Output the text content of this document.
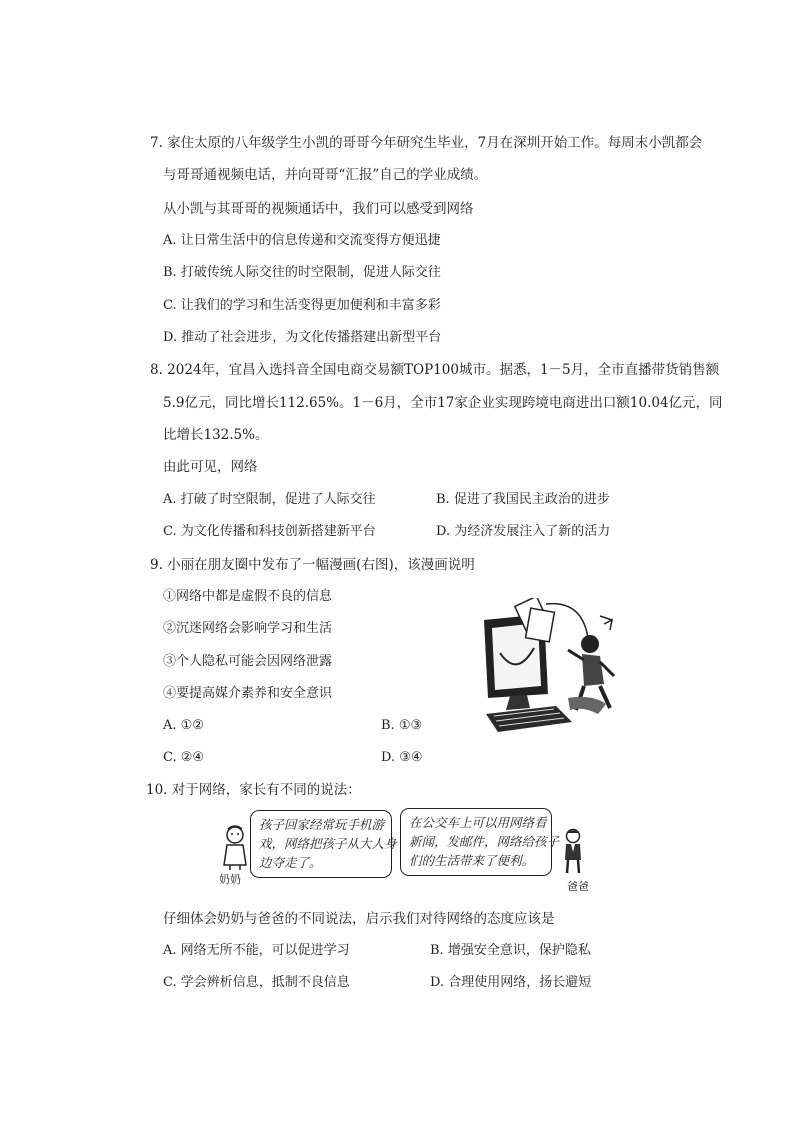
7. 家住太原的八年级学生小凯的哥哥今年研究生毕业，7月在深圳开始工作。每周末小凯都会
与哥哥通视频电话，并向哥哥“汇报”自己的学业成绩。
从小凯与其哥哥的视频通话中，我们可以感受到网络
A. 让日常生活中的信息传递和交流变得方便迅捷
B. 打破传统人际交往的时空限制，促进人际交往
C. 让我们的学习和生活变得更加便利和丰富多彩
D. 推动了社会进步，为文化传播搭建出新型平台
8. 2024年，宜昌入选抖音全国电商交易额TOP100城市。据悉，1－5月，全市直播带货销售额
5.9亿元，同比增长112.65%。1－6月，全市17家企业实现跨境电商进出口额10.04亿元，同
比增长132.5%。
由此可见，网络
A. 打破了时空限制，促进了人际交往	B. 促进了我国民主政治的进步
C. 为文化传播和科技创新搭建新平台	D. 为经济发展注入了新的活力
9. 小丽在朋友圈中发布了一幅漫画(右图)，该漫画说明
①网络中都是虚假不良的信息
②沉迷网络会影响学习和生活
③个人隐私可能会因网络泄露
④要提高媒介素养和安全意识
A. ①②	B. ①③
C. ②④	D. ③④
10. 对于网络，家长有不同的说法：
奶奶
孩子回家经常玩手机游
戏，网络把孩子从大人身
边夺走了。
在公交车上可以用网络看
新闻，发邮件，网络给孩子
们的生活带来了便利。
爸爸
仔细体会奶奶与爸爸的不同说法，启示我们对待网络的态度应该是
A. 网络无所不能，可以促进学习	B. 增强安全意识，保护隐私
C. 学会辨析信息，抵制不良信息	D. 合理使用网络，扬长避短
